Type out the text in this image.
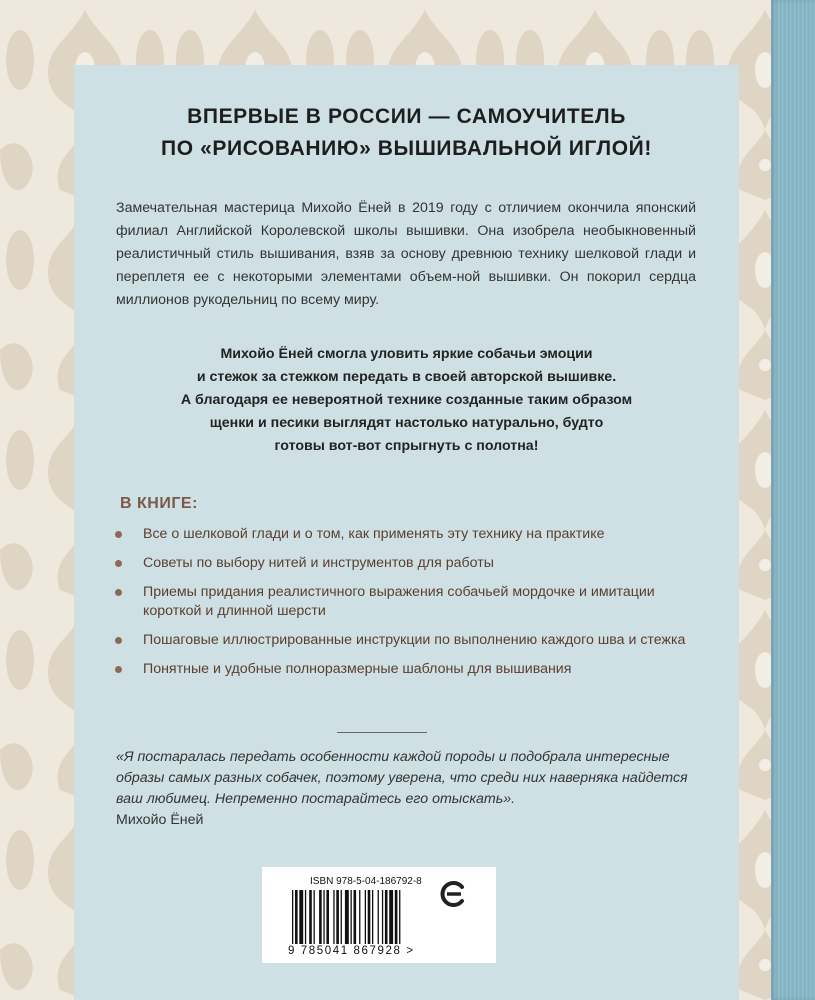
ВПЕРВЫЕ В РОССИИ — САМОУЧИТЕЛЬ
ПО «РИСОВАНИЮ» ВЫШИВАЛЬНОЙ ИГЛОЙ!
Замечательная мастерица Михойо Ёней в 2019 году с отличием окончила японский филиал Английской Королевской школы вышивки. Она изобрела необыкновенный реалистичный стиль вышивания, взяв за основу древнюю технику шелковой глади и переплетя ее с некоторыми элементами объем-ной вышивки. Он покорил сердца миллионов рукодельниц по всему миру.
Михойо Ёней смогла уловить яркие собачьи эмоции
и стежок за стежком передать в своей авторской вышивке.
А благодаря ее невероятной технике созданные таким образом
щенки и песики выглядят настолько натурально, будто
готовы вот-вот спрыгнуть с полотна!
В КНИГЕ:
Все о шелковой глади и о том, как применять эту технику на практике
Советы по выбору нитей и инструментов для работы
Приемы придания реалистичного выражения собачьей мордочке и имитации короткой и длинной шерсти
Пошаговые иллюстрированные инструкции по выполнению каждого шва и стежка
Понятные и удобные полноразмерные шаблоны для вышивания
«Я постаралась передать особенности каждой породы и подобрала интересные образы самых разных собачек, поэтому уверена, что среди них наверняка найдется ваш любимец. Непременно постарайтесь его отыскать».
Михойо Ёней
ISBN 978-5-04-186792-8
9 785041 867928 >
